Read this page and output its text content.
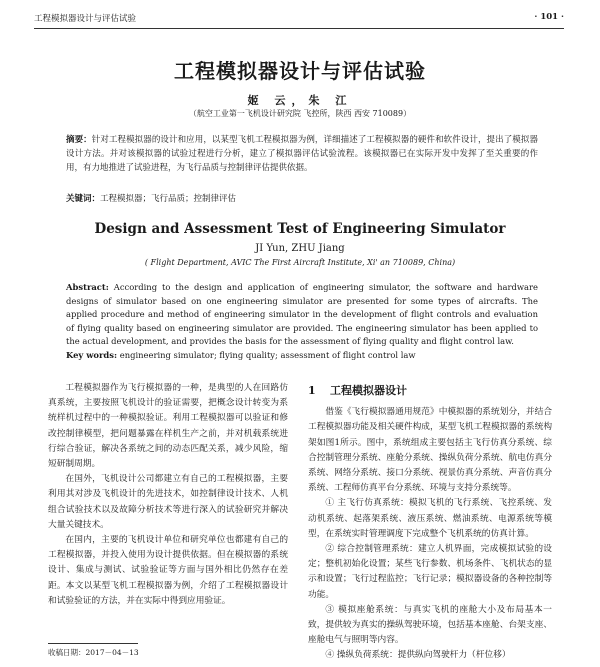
工程模拟器设计与评估试验	· 101 ·
工程模拟器设计与评估试验
姬 云，朱 江
（航空工业第一飞机设计研究院 飞控所，陕西 西安 710089）
摘要：针对工程模拟器的设计和应用，以某型飞机工程模拟器为例，详细描述了工程模拟器的硬件和软件设计，提出了模拟器设计方法。并对该模拟器的试验过程进行分析，建立了模拟器评估试验流程。该模拟器已在实际开发中发挥了至关重要的作用，有力地推进了试验进程，为飞行品质与控制律评估提供依据。
关键词：工程模拟器；飞行品质；控制律评估
Design and Assessment Test of Engineering Simulator
JI Yun, ZHU Jiang
( Flight Department, AVIC The First Aircraft Institute, Xi' an 710089, China)
Abstract: According to the design and application of engineering simulator, the software and hardware designs of simulator based on one engineering simulator are presented for some types of aircrafts. The applied procedure and method of engineering simulator in the development of flight controls and evaluation of flying quality based on engineering simulator are provided. The engineering simulator has been applied to the actual development, and provides the basis for the assessment of flying quality and flight control law.
Key words: engineering simulator; flying quality; assessment of flight control law

工程模拟器作为飞行模拟器的一种，是典型的人在回路仿真系统，主要按照飞机设计的验证需要，把概念设计转变为系统样机过程中的一种模拟验证。利用工程模拟器可以验证和修改控制律模型，把问题暴露在样机生产之前，并对机载系统进行综合验证，解决各系统之间的动态匹配关系，减少风险，缩短研制周期。

在国外，飞机设计公司都建立有自己的工程模拟器，主要利用其对涉及飞机设计的先进技术，如控制律设计技术、人机组合试验技术以及故障分析技术等进行深入的试验研究并解决大量关键技术。

在国内，主要的飞机设计单位和研究单位也都建有自己的工程模拟器，并投入使用为设计提供依据。但在模拟器的系统设计、集成与测试、试验验证等方面与国外相比仍然存在差距。本文以某型飞机工程模拟器为例，介绍了工程模拟器设计和试验验证的方法，并在实际中得到应用验证。

收稿日期：2017－04－13
1 工程模拟器设计

借鉴《飞行模拟器通用规范》中模拟器的系统划分，并结合工程模拟器功能及相关硬件构成，某型飞机工程模拟器的系统构架如图1所示。图中，系统组成主要包括主飞行仿真分系统、综合控制管理分系统、座舱分系统、操纵负荷分系统、航电仿真分系统、网络分系统、接口分系统、视景仿真分系统、声音仿真分系统、工程师仿真平台分系统、环境与支持分系统等。

① 主飞行仿真系统：模拟飞机的飞行系统、飞控系统、发动机系统、起落架系统、液压系统、燃油系统、电源系统等模型，在系统实时管理调度下完成整个飞机系统的仿真计算。

② 综合控制管理系统：建立人机界面，完成模拟试验的设定；整机初始化设置；某些飞行参数、机场条件、飞机状态的显示和设置；飞行过程监控；飞行记录；模拟器设备的各种控制等功能。

③ 模拟座舱系统：与真实飞机的座舱大小及布局基本一致，提供较为真实的操纵驾驶环境，包括基本座舱、台架支座、座舱电气与照明等内容。

④ 操纵负荷系统：提供纵向驾驶杆力（杆位移）
